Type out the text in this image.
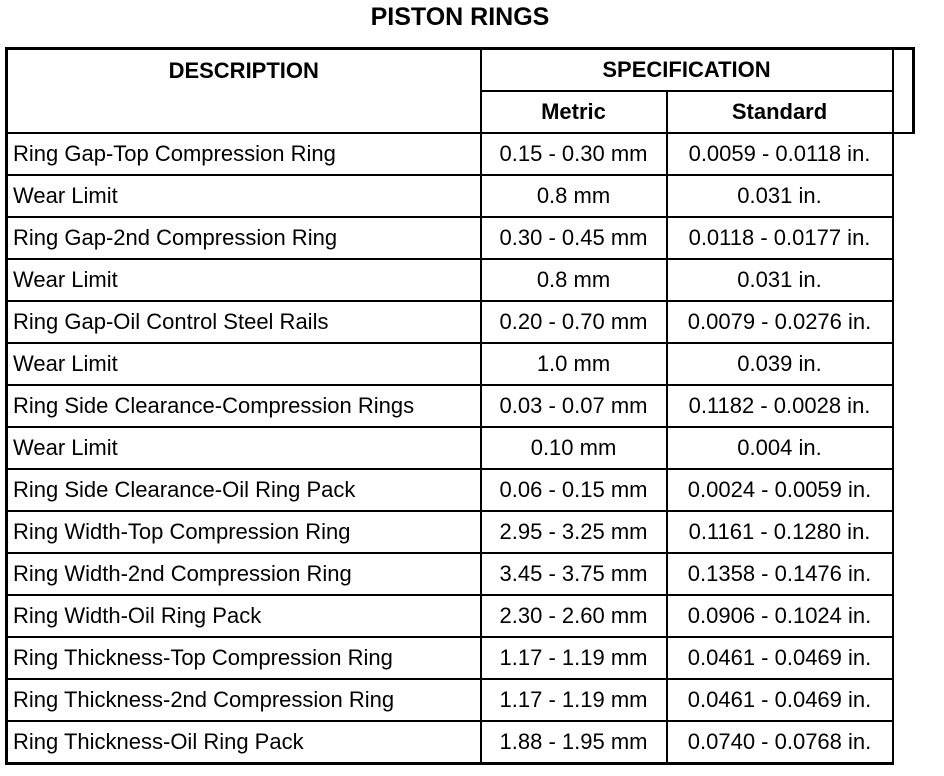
PISTON RINGS
DESCRIPTION	SPECIFICATION		
	Metric	Standard	
Ring Gap-Top Compression Ring	0.15 - 0.30 mm	0.0059 - 0.0118 in.	
Wear Limit	0.8 mm	0.031 in.	
Ring Gap-2nd Compression Ring	0.30 - 0.45 mm	0.0118 - 0.0177 in.	
Wear Limit	0.8 mm	0.031 in.	
Ring Gap-Oil Control Steel Rails	0.20 - 0.70 mm	0.0079 - 0.0276 in.	
Wear Limit	1.0 mm	0.039 in.	
Ring Side Clearance-Compression Rings	0.03 - 0.07 mm	0.1182 - 0.0028 in.	
Wear Limit	0.10 mm	0.004 in.	
Ring Side Clearance-Oil Ring Pack	0.06 - 0.15 mm	0.0024 - 0.0059 in.	
Ring Width-Top Compression Ring	2.95 - 3.25 mm	0.1161 - 0.1280 in.	
Ring Width-2nd Compression Ring	3.45 - 3.75 mm	0.1358 - 0.1476 in.	
Ring Width-Oil Ring Pack	2.30 - 2.60 mm	0.0906 - 0.1024 in.	
Ring Thickness-Top Compression Ring	1.17 - 1.19 mm	0.0461 - 0.0469 in.	
Ring Thickness-2nd Compression Ring	1.17 - 1.19 mm	0.0461 - 0.0469 in.	
Ring Thickness-Oil Ring Pack	1.88 - 1.95 mm	0.0740 - 0.0768 in.	
